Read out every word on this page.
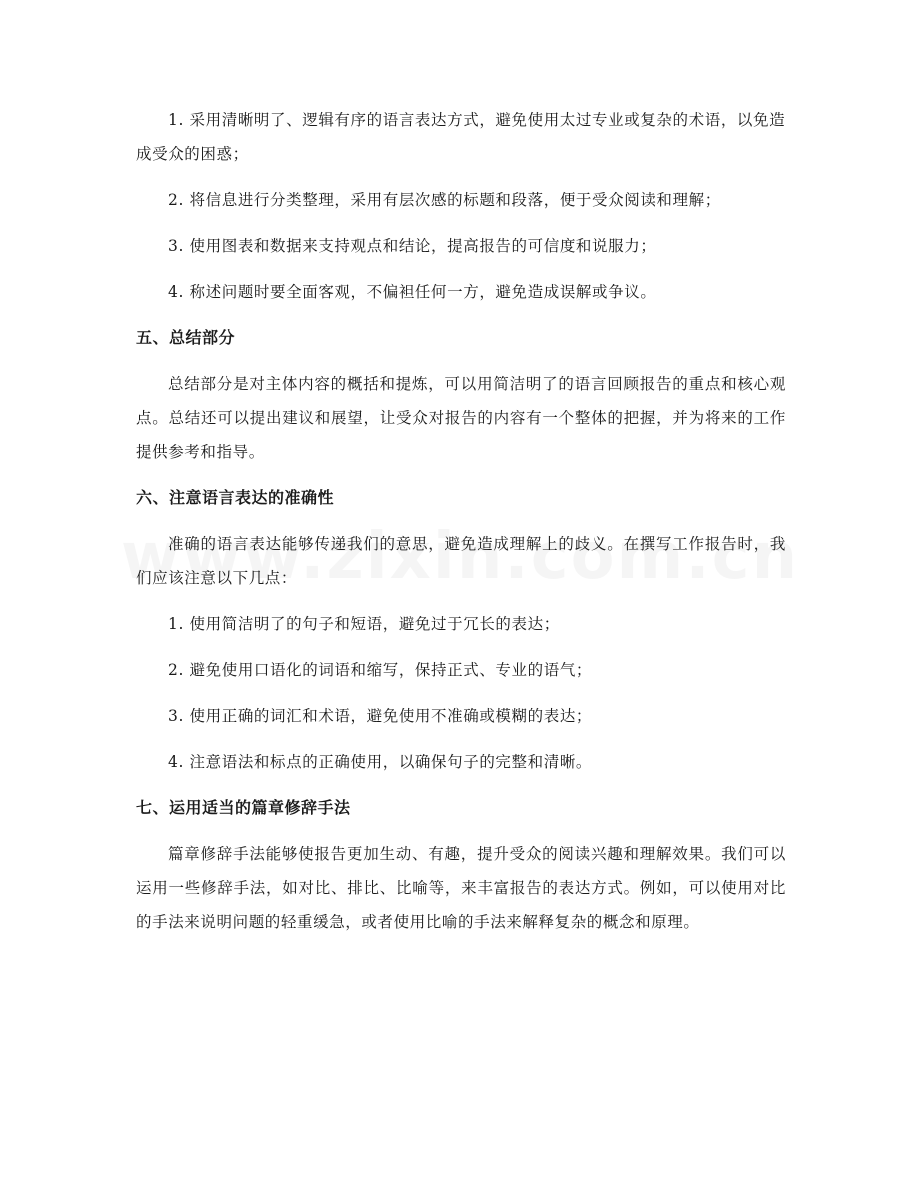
1. 采用清晰明了、逻辑有序的语言表达方式，避免使用太过专业或复杂的术语，以免造成受众的困惑；

2. 将信息进行分类整理，采用有层次感的标题和段落，便于受众阅读和理解；

3. 使用图表和数据来支持观点和结论，提高报告的可信度和说服力；

4. 称述问题时要全面客观，不偏袒任何一方，避免造成误解或争议。

五、总结部分

总结部分是对主体内容的概括和提炼，可以用简洁明了的语言回顾报告的重点和核心观点。总结还可以提出建议和展望，让受众对报告的内容有一个整体的把握，并为将来的工作提供参考和指导。

六、注意语言表达的准确性

准确的语言表达能够传递我们的意思，避免造成理解上的歧义。在撰写工作报告时，我们应该注意以下几点：

1. 使用简洁明了的句子和短语，避免过于冗长的表达；

2. 避免使用口语化的词语和缩写，保持正式、专业的语气；

3. 使用正确的词汇和术语，避免使用不准确或模糊的表达；

4. 注意语法和标点的正确使用，以确保句子的完整和清晰。

七、运用适当的篇章修辞手法

篇章修辞手法能够使报告更加生动、有趣，提升受众的阅读兴趣和理解效果。我们可以运用一些修辞手法，如对比、排比、比喻等，来丰富报告的表达方式。例如，可以使用对比的手法来说明问题的轻重缓急，或者使用比喻的手法来解释复杂的概念和原理。
